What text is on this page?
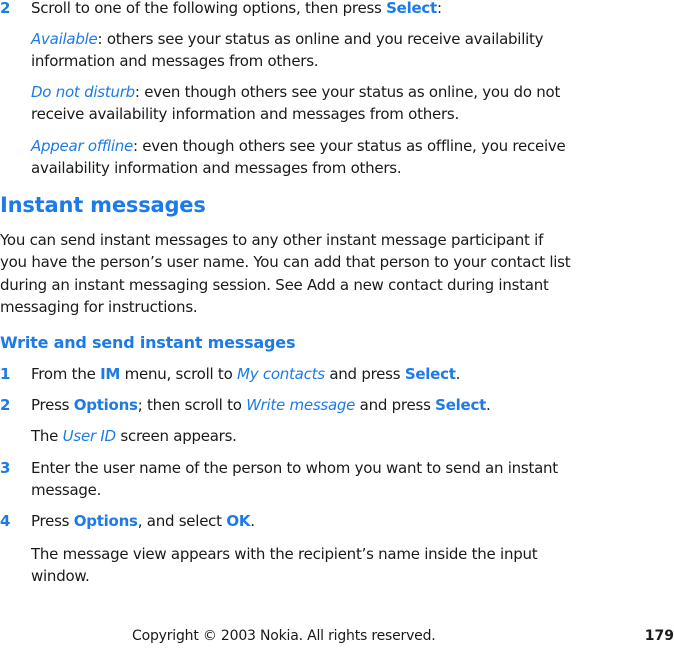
2 Scroll to one of the following options, then press Select:
Available: others see your status as online and you receive availability
information and messages from others.
Do not disturb: even though others see your status as online, you do not
receive availability information and messages from others.
Appear offline: even though others see your status as offline, you receive
availability information and messages from others.
Instant messages
You can send instant messages to any other instant message participant if
you have the person’s user name. You can add that person to your contact list
during an instant messaging session. See Add a new contact during instant
messaging for instructions.
Write and send instant messages
1 From the IM menu, scroll to My contacts and press Select.
2 Press Options; then scroll to Write message and press Select.
The User ID screen appears.
3 Enter the user name of the person to whom you want to send an instant
message.
4 Press Options, and select OK.
The message view appears with the recipient’s name inside the input
window.
Copyright © 2003 Nokia. All rights reserved.	179
